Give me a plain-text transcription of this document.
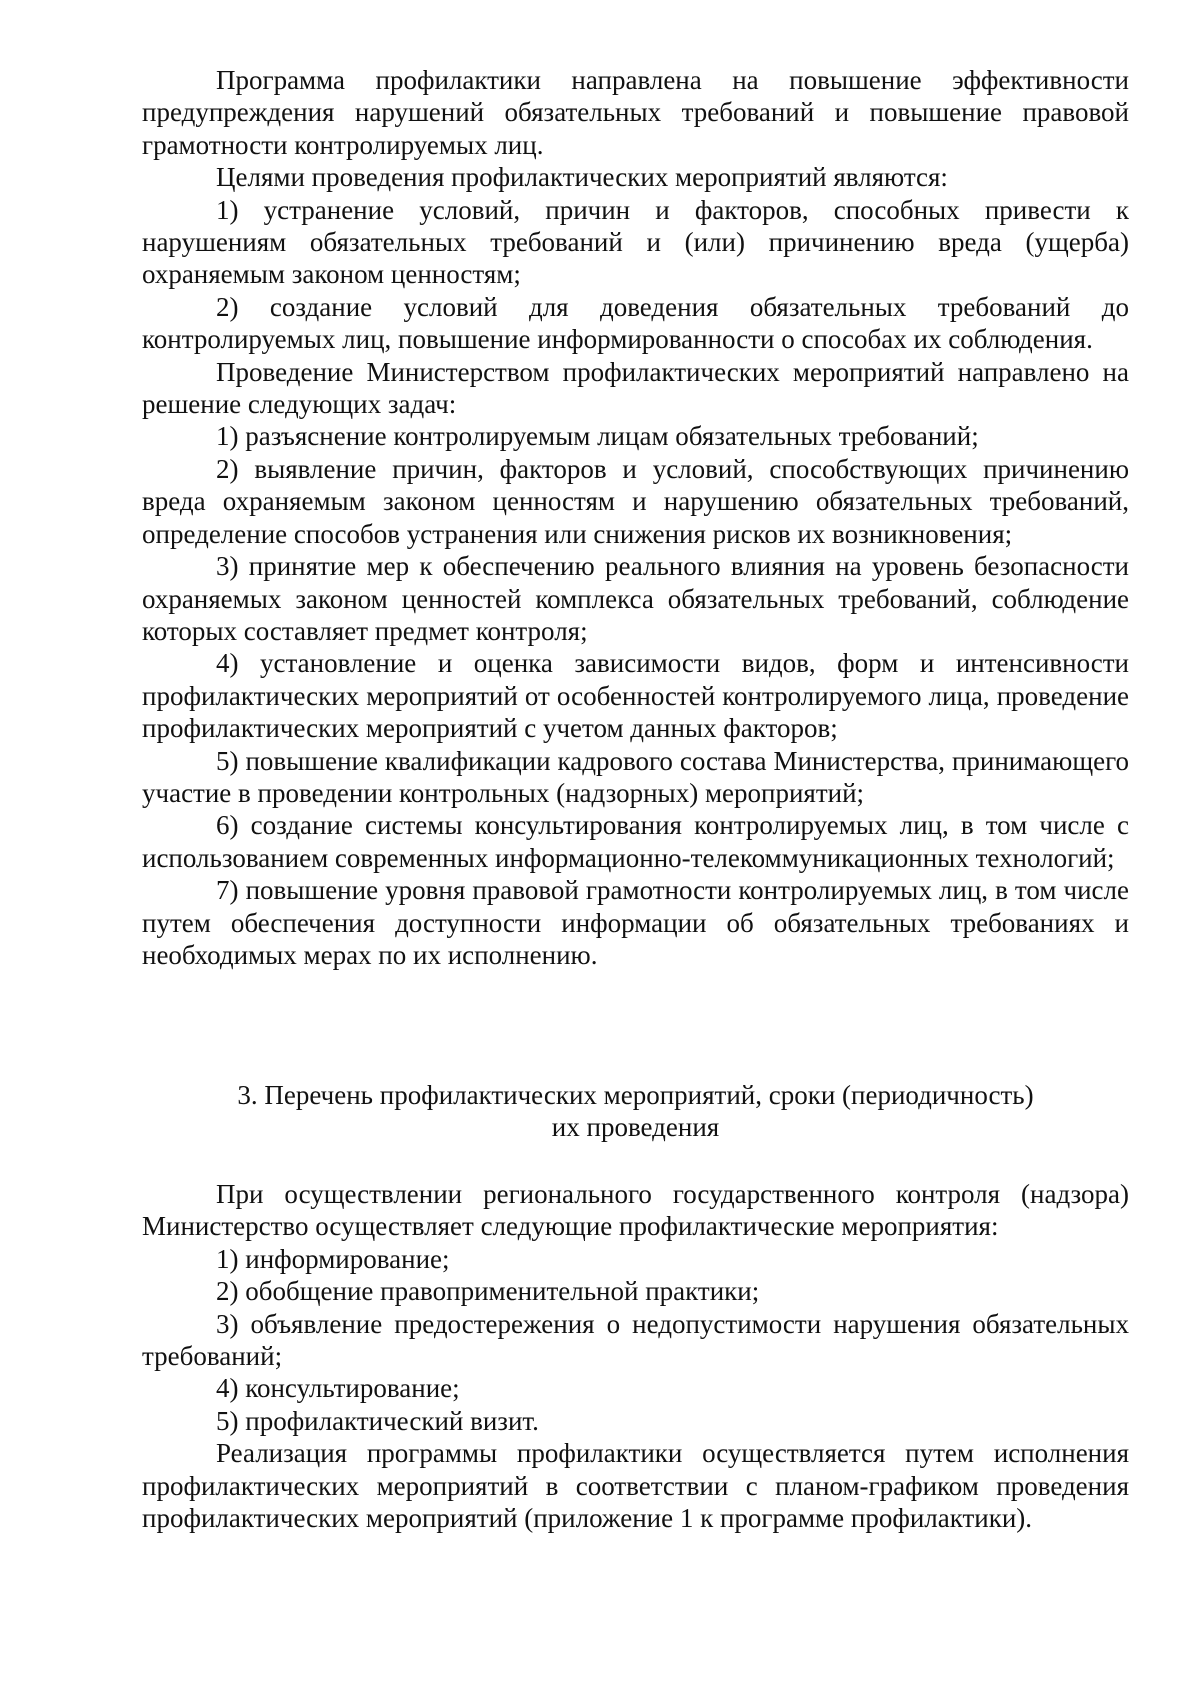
Программа профилактики направлена на повышение эффективности предупреждения нарушений обязательных требований и повышение правовой грамотности контролируемых лиц.

Целями проведения профилактических мероприятий являются:

1) устранение условий, причин и факторов, способных привести к нарушениям обязательных требований и (или) причинению вреда (ущерба) охраняемым законом ценностям;

2) создание условий для доведения обязательных требований до контролируемых лиц, повышение информированности о способах их соблюдения.

Проведение Министерством профилактических мероприятий направлено на решение следующих задач:

1) разъяснение контролируемым лицам обязательных требований;

2) выявление причин, факторов и условий, способствующих причинению вреда охраняемым законом ценностям и нарушению обязательных требований, определение способов устранения или снижения рисков их возникновения;

3) принятие мер к обеспечению реального влияния на уровень безопасности охраняемых законом ценностей комплекса обязательных требований, соблюдение которых составляет предмет контроля;

4) установление и оценка зависимости видов, форм и интенсивности профилактических мероприятий от особенностей контролируемого лица, проведение профилактических мероприятий с учетом данных факторов;

5) повышение квалификации кадрового состава Министерства, принимающего участие в проведении контрольных (надзорных) мероприятий;

6) создание системы консультирования контролируемых лиц, в том числе с использованием современных информационно-телекоммуникационных технологий;

7) повышение уровня правовой грамотности контролируемых лиц, в том числе путем обеспечения доступности информации об обязательных требованиях и необходимых мерах по их исполнению.

3. Перечень профилактических мероприятий, сроки (периодичность)
их проведения

При осуществлении регионального государственного контроля (надзора) Министерство осуществляет следующие профилактические мероприятия:

1) информирование;

2) обобщение правоприменительной практики;

3) объявление предостережения о недопустимости нарушения обязательных требований;

4) консультирование;

5) профилактический визит.

Реализация программы профилактики осуществляется путем исполнения профилактических мероприятий в соответствии с планом-графиком проведения профилактических мероприятий (приложение 1 к программе профилактики).
